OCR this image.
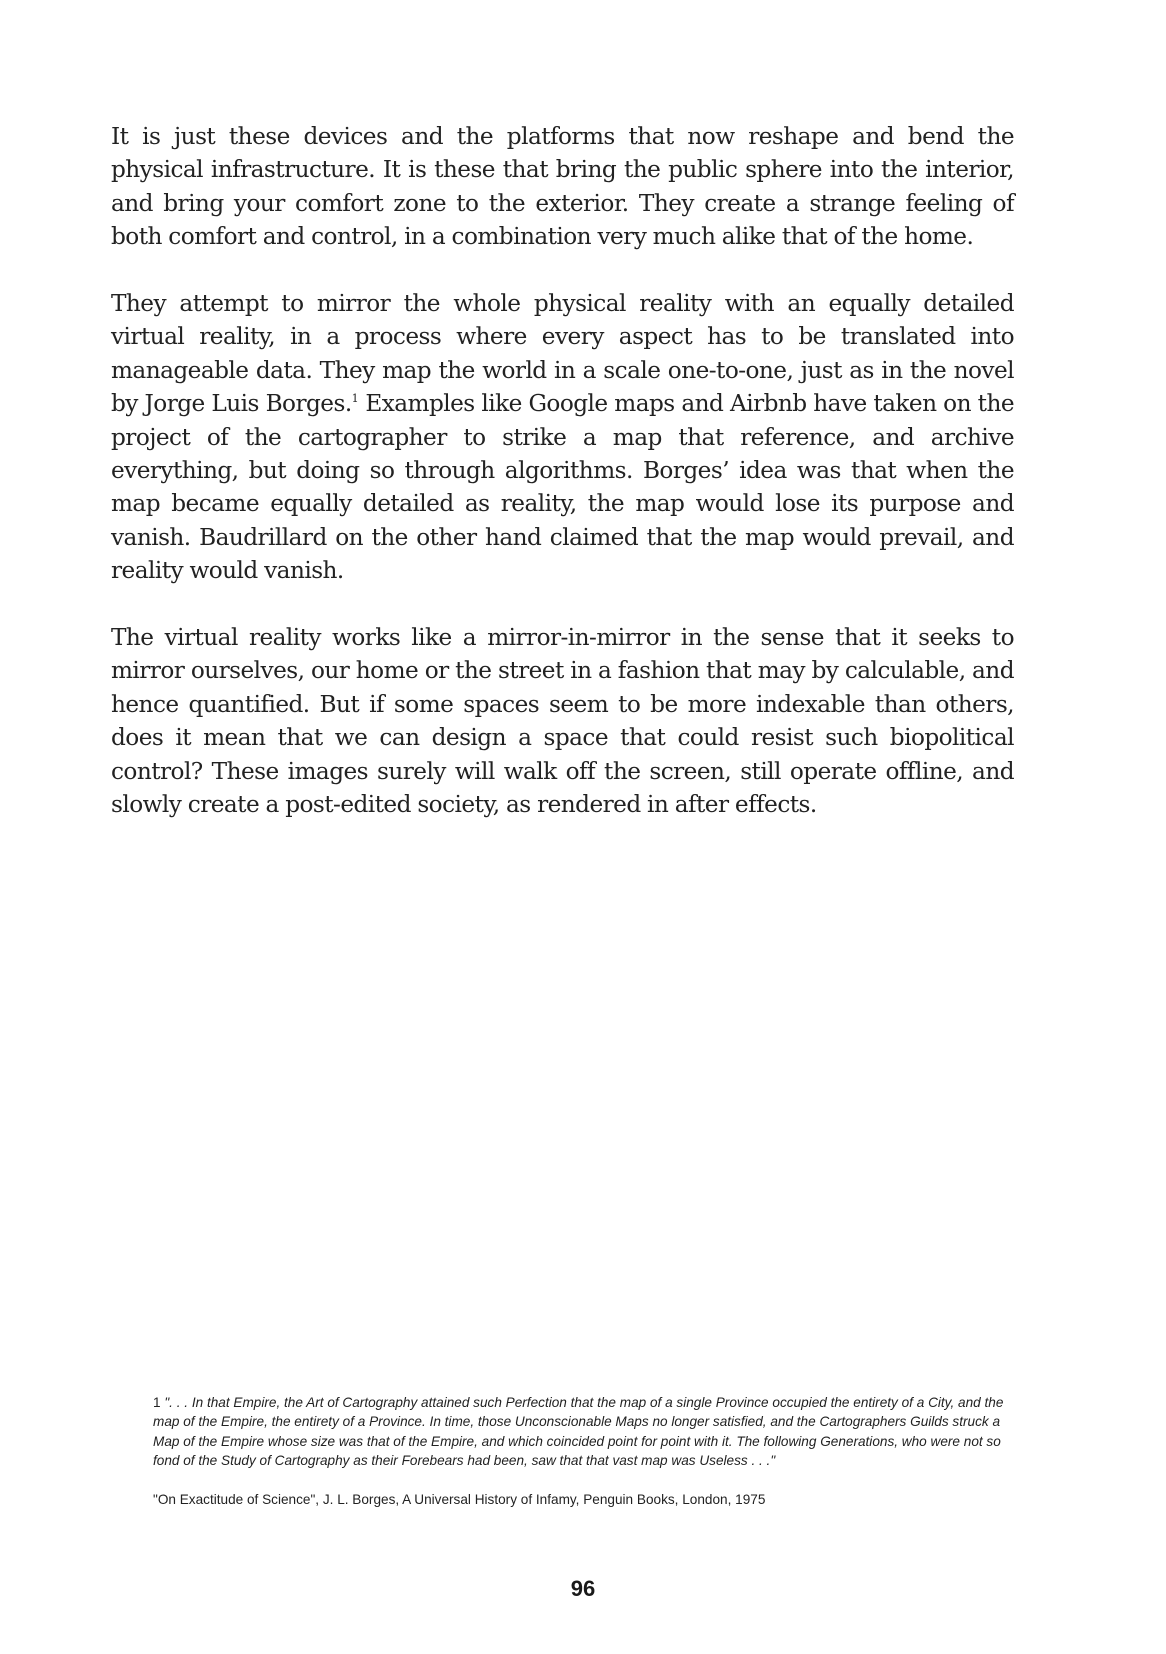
It is just these devices and the platforms that now reshape and bend the physical infrastructure. It is these that bring the public sphere into the interior, and bring your comfort zone to the exterior. They create a strange feeling of both comfort and control, in a combination very much alike that of the home.

They attempt to mirror the whole physical reality with an equally detailed virtual reality, in a process where every aspect has to be translated into manageable data. They map the world in a scale one-to-one, just as in the novel by Jorge Luis Borges.$^1$ Examples like Google maps and Airbnb have taken on the project of the cartographer to strike a map that reference, and archive everything, but doing so through algorithms. Borges’ idea was that when the map became equally detailed as reality, the map would lose its purpose and vanish. Baudrillard on the other hand claimed that the map would prevail, and reality would vanish.

The virtual reality works like a mirror-in-mirror in the sense that it seeks to mirror ourselves, our home or the street in a fashion that may by calculable, and hence quantified. But if some spaces seem to be more indexable than others, does it mean that we can design a space that could resist such biopolitical control? These images surely will walk off the screen, still operate offline, and slowly create a post-edited society, as rendered in after effects.

1 ". . . In that Empire, the Art of Cartography attained such Perfection that the map of a single Province occupied the entirety of a City, and the map of the Empire, the entirety of a Province. In time, those Unconscionable Maps no longer satisfied, and the Cartographers Guilds struck a Map of the Empire whose size was that of the Empire, and which coincided point for point with it. The following Generations, who were not so fond of the Study of Cartography as their Forebears had been, saw that that vast map was Useless . . ."

"On Exactitude of Science", J. L. Borges, A Universal History of Infamy, Penguin Books, London, 1975

96
